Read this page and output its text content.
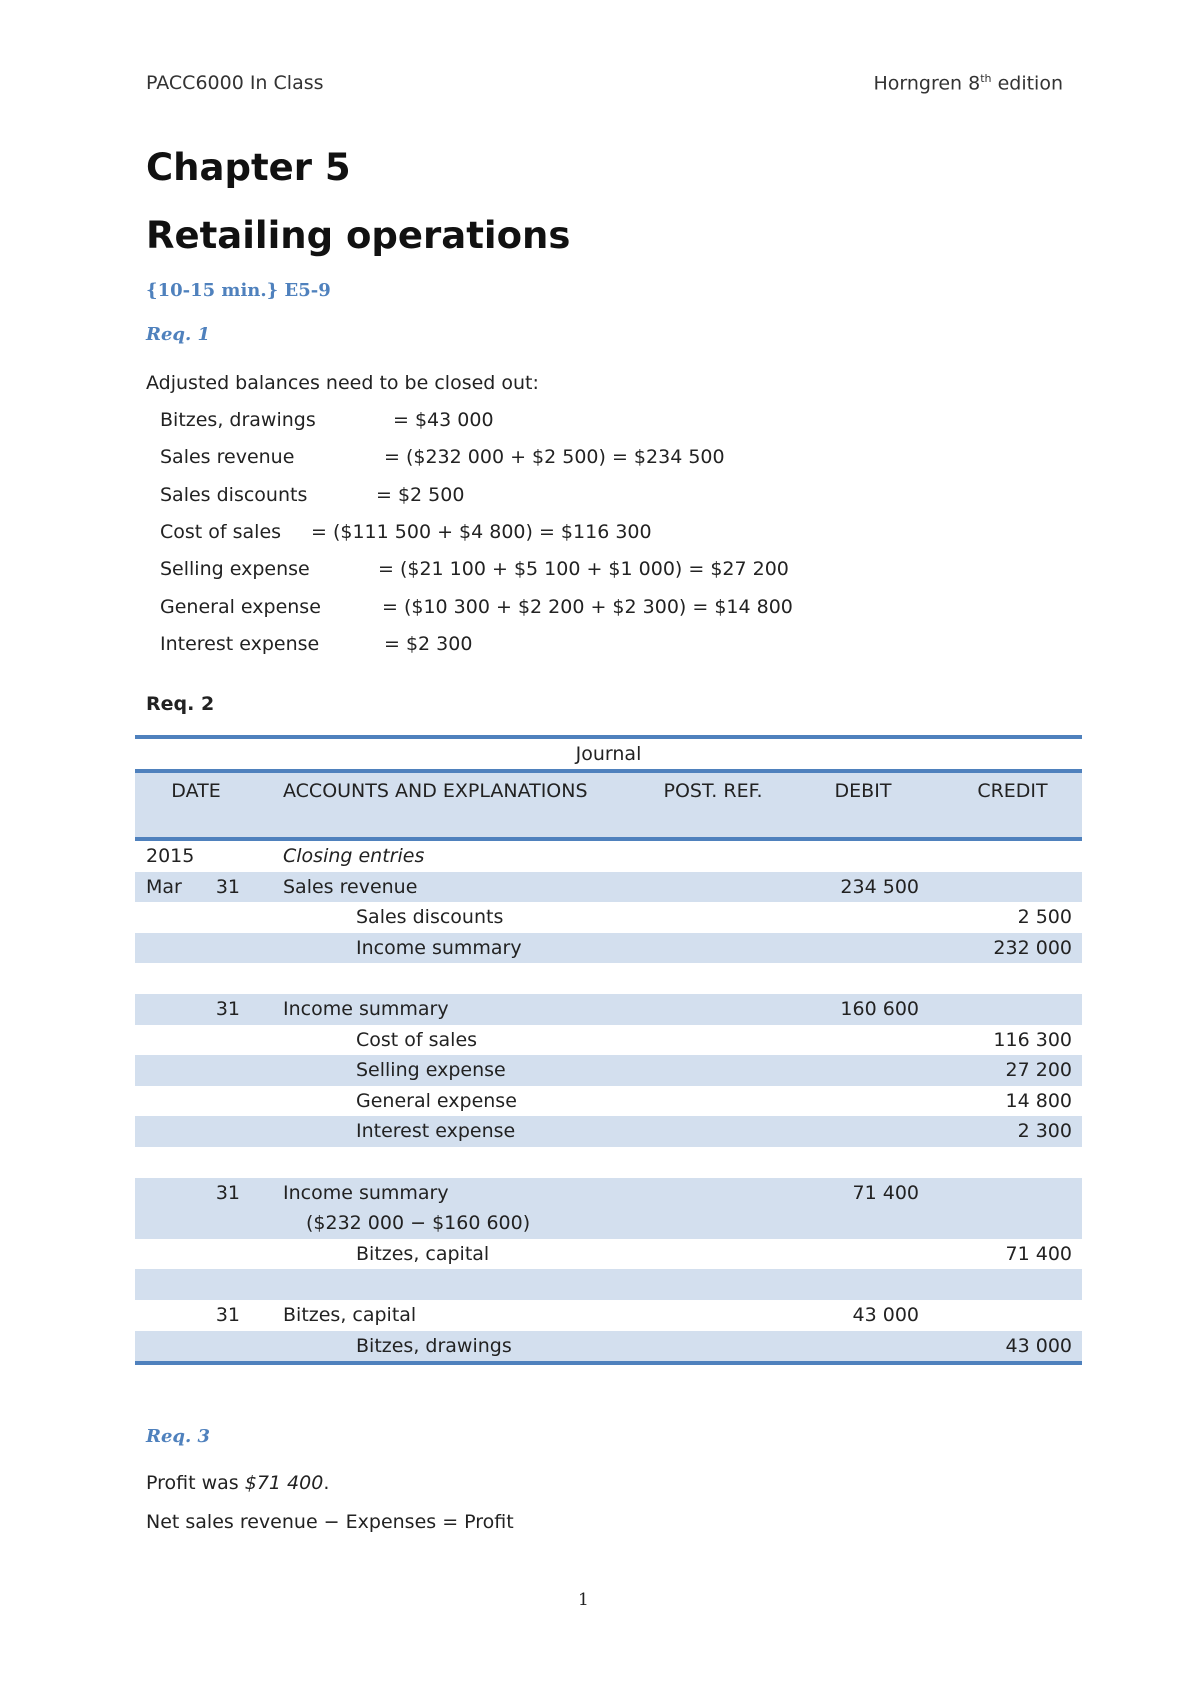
PACC6000 In Class	Horngren 8th edition
Chapter 5
Retailing operations
{10-15 min.} E5-9
Req. 1
Adjusted balances need to be closed out:
Bitzes, drawings	= $43 000
Sales revenue	= ($232 000 + $2 500) = $234 500
Sales discounts	= $2 500
Cost of sales = ($111 500 + $4 800) = $116 300
Selling expense	= ($21 100 + $5 100 + $1 000) = $27 200
General expense	= ($10 300 + $2 200 + $2 300) = $14 800
Interest expense	= $2 300
Req. 2
Journal				
DATE	ACCOUNTS AND EXPLANATIONS	POST. REF.	DEBIT	CREDIT

2015	Closing entries			

Mar 31	Sales revenue		234 500	

	Sales discounts			2 500

	Income summary			232 000

31	Income summary		160 600	

	Cost of sales			116 300

	Selling expense			27 200

	General expense			14 800

	Interest expense			2 300

31	Income summary		71 400	

	($232 000 − $160 600)			

	Bitzes, capital			71 400

31	Bitzes, capital		43 000	

	Bitzes, drawings			43 000
Req. 3
Profit was $71 400.
Net sales revenue − Expenses = Profit
1
